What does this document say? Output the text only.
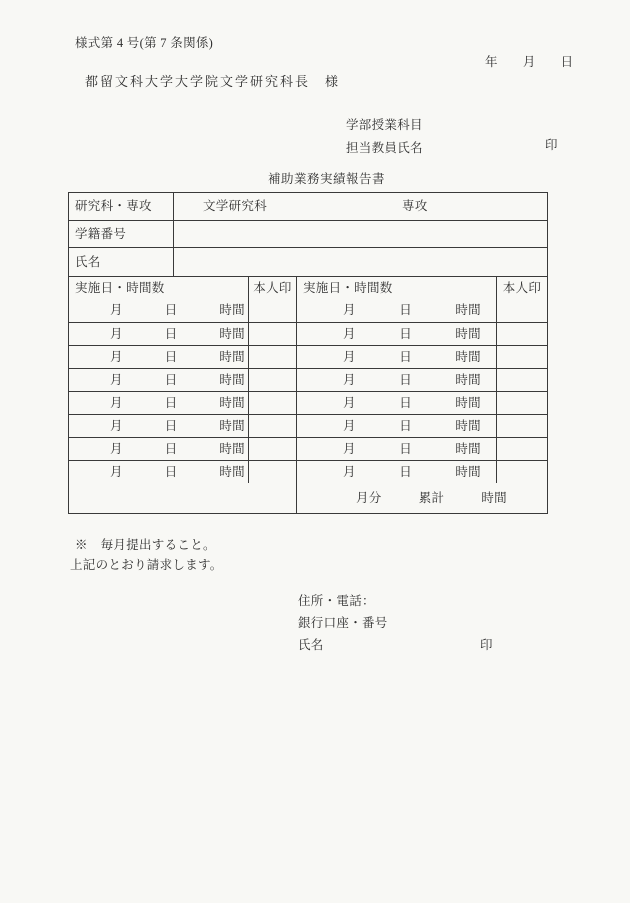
様式第 4 号(第 7 条関係)
年 月 日
都留文科大学大学院文学研究科長　様
学部授業科目
担当教員氏名	印
補助業務実績報告書
研究科・専攻	文学研究科	専攻
学籍番号
氏名
実施日・時間数	本人印 実施日・時間数	本人印
月	日	時間	月	日	時間
月	日	時間	月	日	時間
月	日	時間	月	日	時間
月	日	時間	月	日	時間
月	日	時間	月	日	時間
月	日	時間	月	日	時間
月	日	時間	月	日	時間
月	日	時間	月	日	時間
月分	累計	時間
※　毎月提出すること。
上記のとおり請求します。
住所・電話：
銀行口座・番号
氏名	印
